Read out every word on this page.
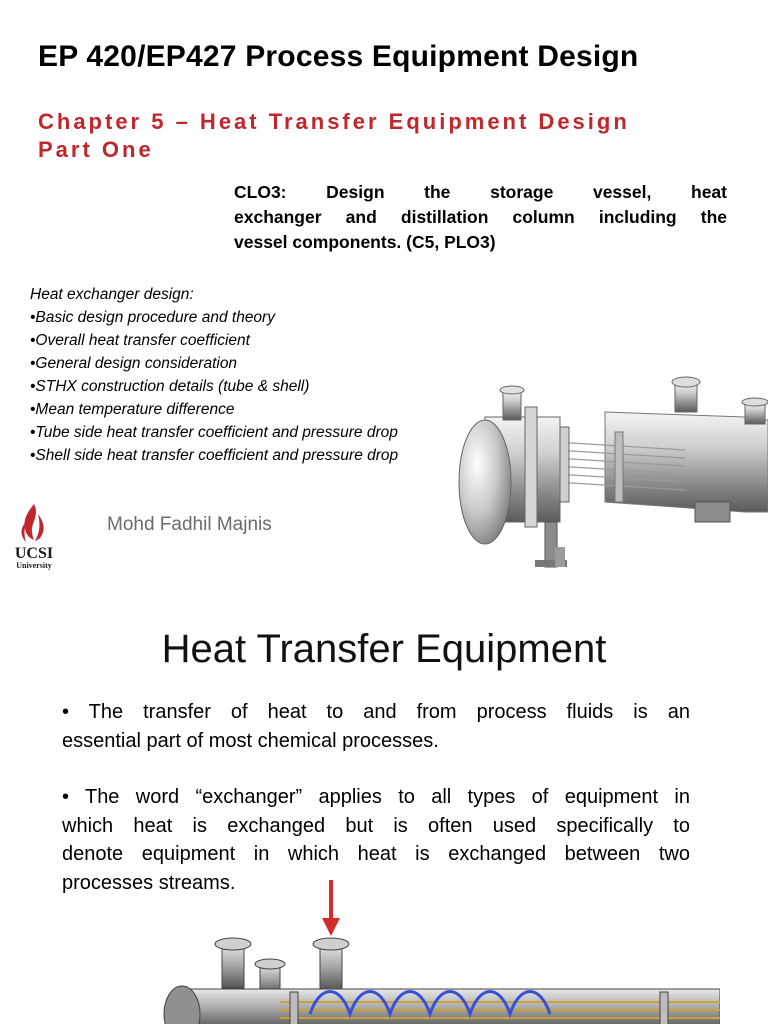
EP 420/EP427 Process Equipment Design
Chapter 5 – Heat Transfer Equipment Design
Part One
CLO3: Design the storage vessel, heat
exchanger and distillation column including the
vessel components. (C5, PLO3)
Heat exchanger design:
•Basic design procedure and theory
•Overall heat transfer coefficient
•General design consideration
•STHX construction details (tube & shell)
•Mean temperature difference
•Tube side heat transfer coefficient and pressure drop
•Shell side heat transfer coefficient and pressure drop
UCSI
University
Mohd Fadhil Majnis
Heat Transfer Equipment
• The transfer of heat to and from process fluids is an
essential part of most chemical processes.
• The word “exchanger” applies to all types of equipment in
which heat is exchanged but is often used specifically to
denote equipment in which heat is exchanged between two
processes streams.
